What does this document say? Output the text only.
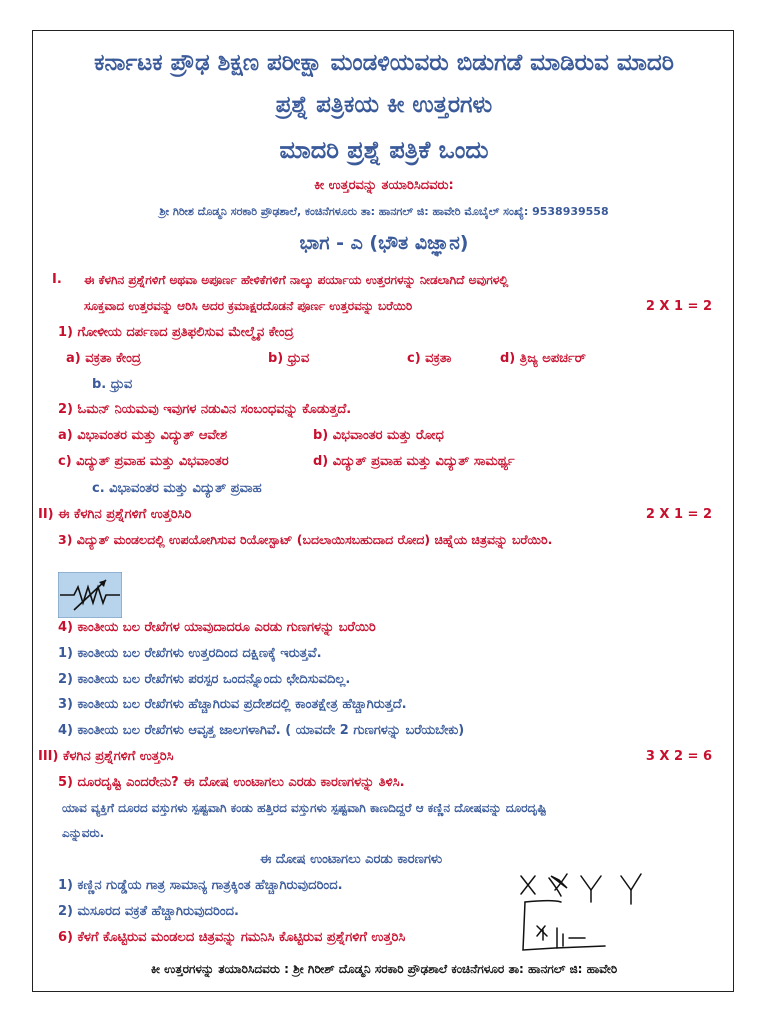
ಕರ್ನಾಟಕ ಪ್ರೌಢ ಶಿಕ್ಷಣ ಪರೀಕ್ಷಾ ಮಂಡಳಿಯವರು ಬಿಡುಗಡೆ ಮಾಡಿರುವ ಮಾದರಿ
ಪ್ರಶ್ನೆ ಪತ್ರಿಕಯ ಕೀ ಉತ್ತರಗಳು
ಮಾದರಿ ಪ್ರಶ್ನೆ ಪತ್ರಿಕೆ ಒಂದು
ಕೀ ಉತ್ತರವನ್ನು ತಯಾರಿಸಿದವರು:
ಶ್ರೀ ಗಿರೀಶ ದೊಡ್ಮನಿ ಸರಕಾರಿ ಪ್ರೌಢಶಾಲೆ, ಕಂಚಿನೆಗಳೂರು ತಾ: ಹಾನಗಲ್ ಜಿ: ಹಾವೇರಿ ಮೊಬೈಲ್ ಸಂಖ್ಯೆ: 9538939558
ಭಾಗ - ಎ (ಭೌತ ವಿಜ್ಞಾನ)
I. ಈ ಕೆಳಗಿನ ಪ್ರಶ್ನೆಗಳಿಗೆ ಅಥವಾ ಅಪೂರ್ಣ ಹೇಳಿಕೆಗಳಿಗೆ ನಾಲ್ಕು ಪರ್ಯಾಯ ಉತ್ತರಗಳನ್ನು ನೀಡಲಾಗಿದೆ ಅವುಗಳಲ್ಲಿ
ಸೂಕ್ತವಾದ ಉತ್ತರವನ್ನು ಆರಿಸಿ ಅದರ ಕ್ರಮಾಕ್ಷರದೊಡನೆ ಪೂರ್ಣ ಉತ್ತರವನ್ನು ಬರೆಯಿರಿ	2 X 1 = 2
1) ಗೋಳೀಯ ದರ್ಪಣದ ಪ್ರತಿಫಲಿಸುವ ಮೇಲ್ಮೈನ ಕೇಂದ್ರ
a) ವಕ್ರತಾ ಕೇಂದ್ರ	b) ಧ್ರುವ	c) ವಕ್ರತಾ	d) ತ್ರಿಜ್ಯ ಅಪರ್ಚರ್
b. ಧ್ರುವ
2) ಓಮನ್ ನಿಯಮವು ಇವುಗಳ ನಡುವಿನ ಸಂಬಂಧವನ್ನು ಕೊಡುತ್ತದೆ.
a) ವಿಭಾವಂತರ ಮತ್ತು ವಿದ್ಯುತ್ ಆವೇಶ	b) ವಿಭವಾಂತರ ಮತ್ತು ರೋಧ
c) ವಿದ್ಯುತ್ ಪ್ರವಾಹ ಮತ್ತು ವಿಭವಾಂತರ	d) ವಿದ್ಯುತ್ ಪ್ರವಾಹ ಮತ್ತು ವಿದ್ಯುತ್ ಸಾಮರ್ಥ್ಯ
c. ವಿಭಾವಂತರ ಮತ್ತು ವಿದ್ಯುತ್ ಪ್ರವಾಹ
II) ಈ ಕೆಳಗಿನ ಪ್ರಶ್ನೆಗಳಿಗೆ ಉತ್ತರಿಸಿರಿ	2 X 1 = 2
3) ವಿದ್ಯುತ್ ಮಂಡಲದಲ್ಲಿ ಉಪಯೋಗಿಸುವ ರಿಯೋಸ್ಟಾಟ್ (ಬದಲಾಯಿಸಬಹುದಾದ ರೋದ) ಚಿಹ್ನೆಯ ಚಿತ್ರವನ್ನು ಬರೆಯಿರಿ.
4) ಕಾಂತೀಯ ಬಲ ರೇಖೆಗಳ ಯಾವುದಾದರೂ ಎರಡು ಗುಣಗಳನ್ನು ಬರೆಯಿರಿ
1) ಕಾಂತೀಯ ಬಲ ರೇಖೆಗಳು ಉತ್ತರದಿಂದ ದಕ್ಷಿಣಕ್ಕೆ ಇರುತ್ತವೆ.
2) ಕಾಂತೀಯ ಬಲ ರೇಖೆಗಳು ಪರಸ್ಪರ ಒಂದನ್ನೊಂದು ಛೇದಿಸುವದಿಲ್ಲ.
3) ಕಾಂತೀಯ ಬಲ ರೇಖೆಗಳು ಹೆಚ್ಚಾಗಿರುವ ಪ್ರದೇಶದಲ್ಲಿ ಕಾಂತಕ್ಷೇತ್ರ ಹೆಚ್ಚಾಗಿರುತ್ತದೆ.
4) ಕಾಂತೀಯ ಬಲ ರೇಖೆಗಳು ಆವೃತ್ತ ಜಾಲಗಳಾಗಿವೆ. ( ಯಾವದೇ 2 ಗುಣಗಳನ್ನು ಬರೆಯಬೇಕು)
III) ಕೆಳಗಿನ ಪ್ರಶ್ನೆಗಳಿಗೆ ಉತ್ತರಿಸಿ	3 X 2 = 6
5) ದೂರದೃಷ್ಟಿ ಎಂದರೇನು? ಈ ದೋಷ ಉಂಟಾಗಲು ಎರಡು ಕಾರಣಗಳನ್ನು ತಿಳಿಸಿ.
ಯಾವ ವ್ಯಕ್ತಿಗೆ ದೂರದ ವಸ್ತುಗಳು ಸ್ಪಷ್ಟವಾಗಿ ಕಂಡು ಹತ್ತಿರದ ವಸ್ತುಗಳು ಸ್ಪಷ್ಟವಾಗಿ ಕಾಣದಿದ್ದರೆ ಆ ಕಣ್ಣಿನ ದೋಷವನ್ನು ದೂರದೃಷ್ಟಿ
ಎನ್ನುವರು.
ಈ ದೋಷ ಉಂಟಾಗಲು ಎರಡು ಕಾರಣಗಳು
1) ಕಣ್ಣಿನ ಗುಡ್ಡೆಯ ಗಾತ್ರ ಸಾಮಾನ್ಯ ಗಾತ್ರಕ್ಕಿಂತ ಹೆಚ್ಚಾಗಿರುವುದರಿಂದ.
2) ಮಸೂರದ ವಕ್ರತೆ ಹೆಚ್ಚಾಗಿರುವುದರಿಂದ.
6) ಕೆಳಗೆ ಕೊಟ್ಟಿರುವ ಮಂಡಲದ ಚಿತ್ರವನ್ನು ಗಮನಿಸಿ ಕೊಟ್ಟಿರುವ ಪ್ರಶ್ನೆಗಳಿಗೆ ಉತ್ತರಿಸಿ
ಕೀ ಉತ್ತರಗಳನ್ನು ತಯಾರಿಸಿದವರು : ಶ್ರೀ ಗಿರೀಶ್ ದೊಡ್ಮನಿ ಸರಕಾರಿ ಪ್ರೌಢಶಾಲೆ ಕಂಚಿನೆಗಳೂರ ತಾ: ಹಾನಗಲ್ ಜಿ: ಹಾವೇರಿ
